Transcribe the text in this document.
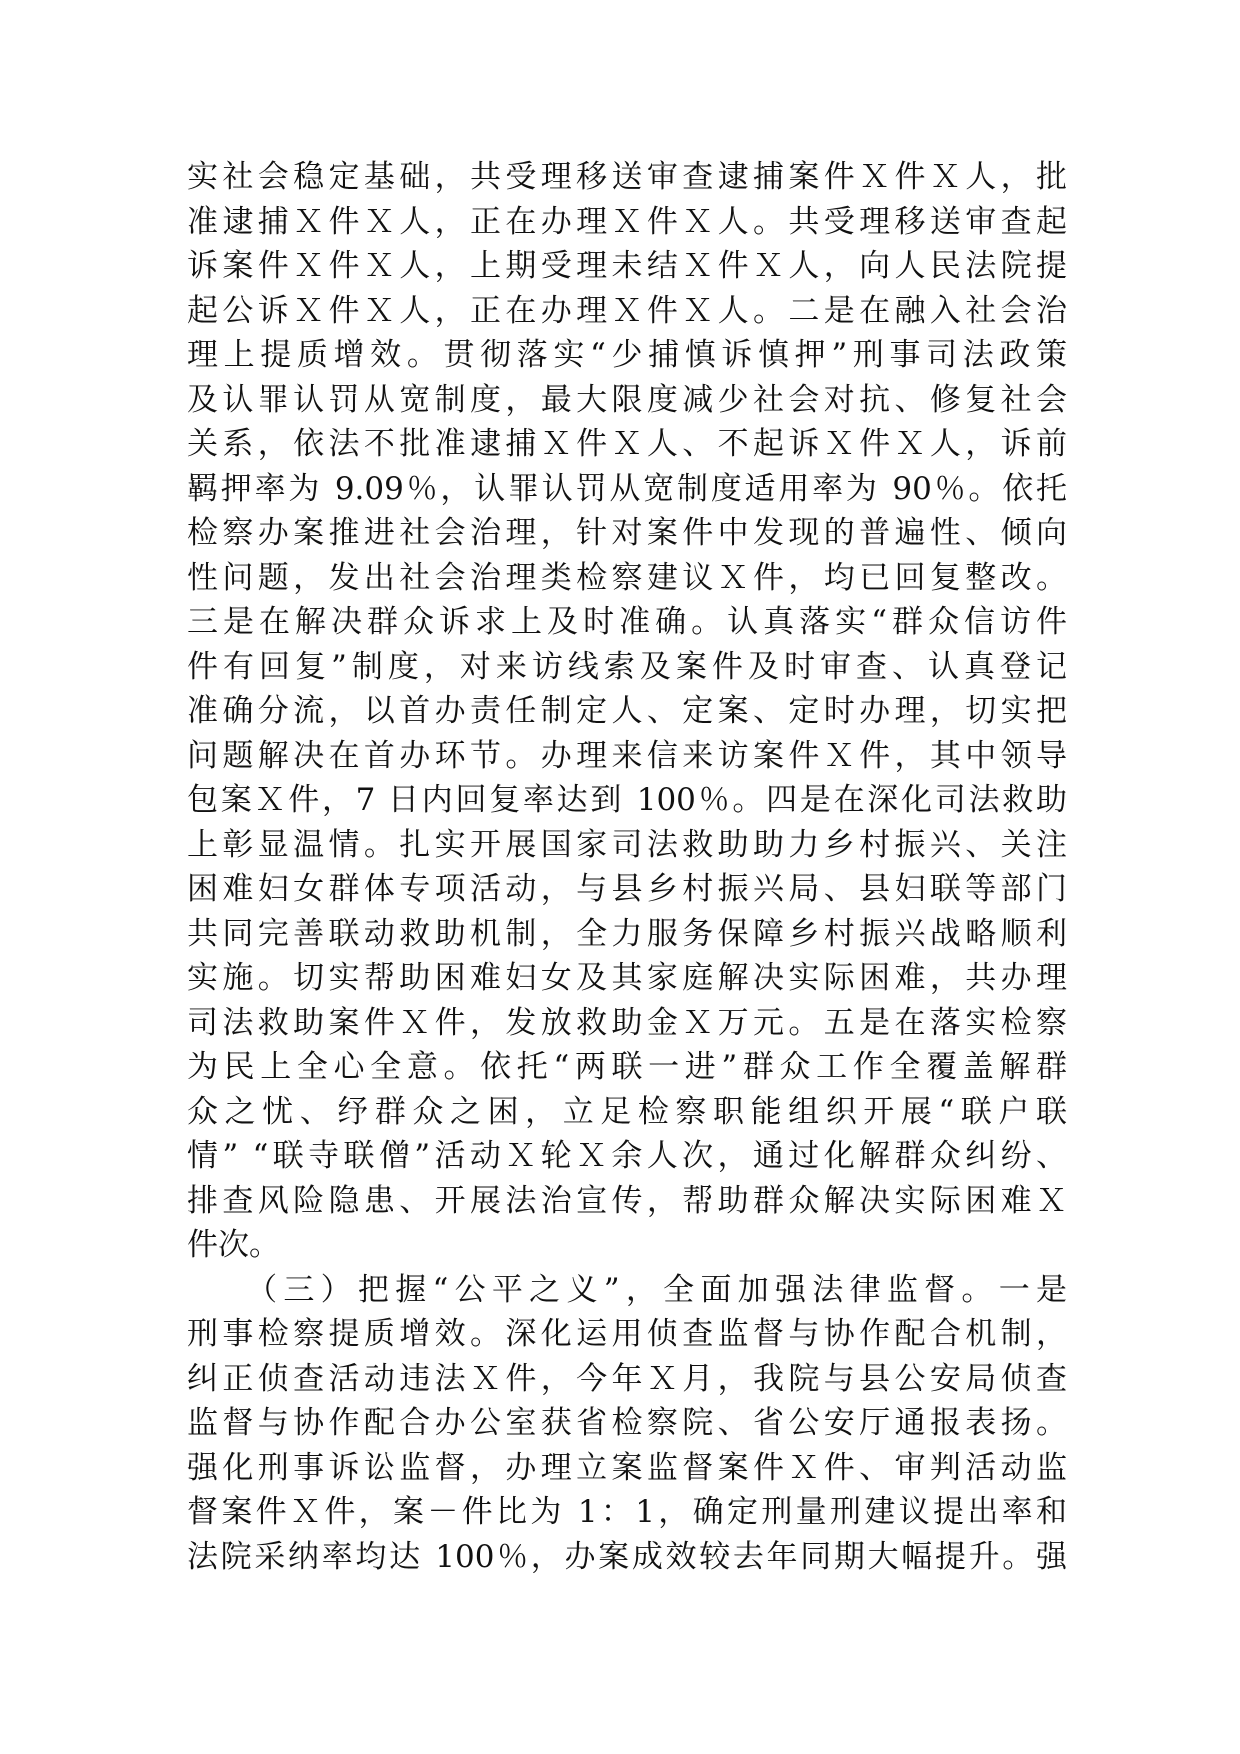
实社会稳定基础，共受理移送审查逮捕案件Ｘ件Ｘ人，批
准逮捕Ｘ件Ｘ人，正在办理Ｘ件Ｘ人。共受理移送审查起
诉案件Ｘ件Ｘ人，上期受理未结Ｘ件Ｘ人，向人民法院提
起公诉Ｘ件Ｘ人，正在办理Ｘ件Ｘ人。二是在融入社会治
理上提质增效。贯彻落实“少捕慎诉慎押”刑事司法政策
及认罪认罚从宽制度，最大限度减少社会对抗、修复社会
关系，依法不批准逮捕Ｘ件Ｘ人、不起诉Ｘ件Ｘ人，诉前
羁押率为 9.09％，认罪认罚从宽制度适用率为 90％。依托
检察办案推进社会治理，针对案件中发现的普遍性、倾向
性问题，发出社会治理类检察建议Ｘ件，均已回复整改。
三是在解决群众诉求上及时准确。认真落实“群众信访件
件有回复”制度，对来访线索及案件及时审查、认真登记
准确分流，以首办责任制定人、定案、定时办理，切实把
问题解决在首办环节。办理来信来访案件Ｘ件，其中领导
包案Ｘ件，7 日内回复率达到 100％。四是在深化司法救助
上彰显温情。扎实开展国家司法救助助力乡村振兴、关注
困难妇女群体专项活动，与县乡村振兴局、县妇联等部门
共同完善联动救助机制，全力服务保障乡村振兴战略顺利
实施。切实帮助困难妇女及其家庭解决实际困难，共办理
司法救助案件Ｘ件，发放救助金Ｘ万元。五是在落实检察
为民上全心全意。依托“两联一进”群众工作全覆盖解群
众之忧、纾群众之困，立足检察职能组织开展“联户联
情” “联寺联僧”活动Ｘ轮Ｘ余人次，通过化解群众纠纷、
排查风险隐患、开展法治宣传，帮助群众解决实际困难Ｘ
件次。
　　（三）把握“公平之义”，全面加强法律监督。一是
刑事检察提质增效。深化运用侦查监督与协作配合机制，
纠正侦查活动违法Ｘ件，今年Ｘ月，我院与县公安局侦查
监督与协作配合办公室获省检察院、省公安厅通报表扬。
强化刑事诉讼监督，办理立案监督案件Ｘ件、审判活动监
督案件Ｘ件，案－件比为 1：1，确定刑量刑建议提出率和
法院采纳率均达 100％，办案成效较去年同期大幅提升。强
